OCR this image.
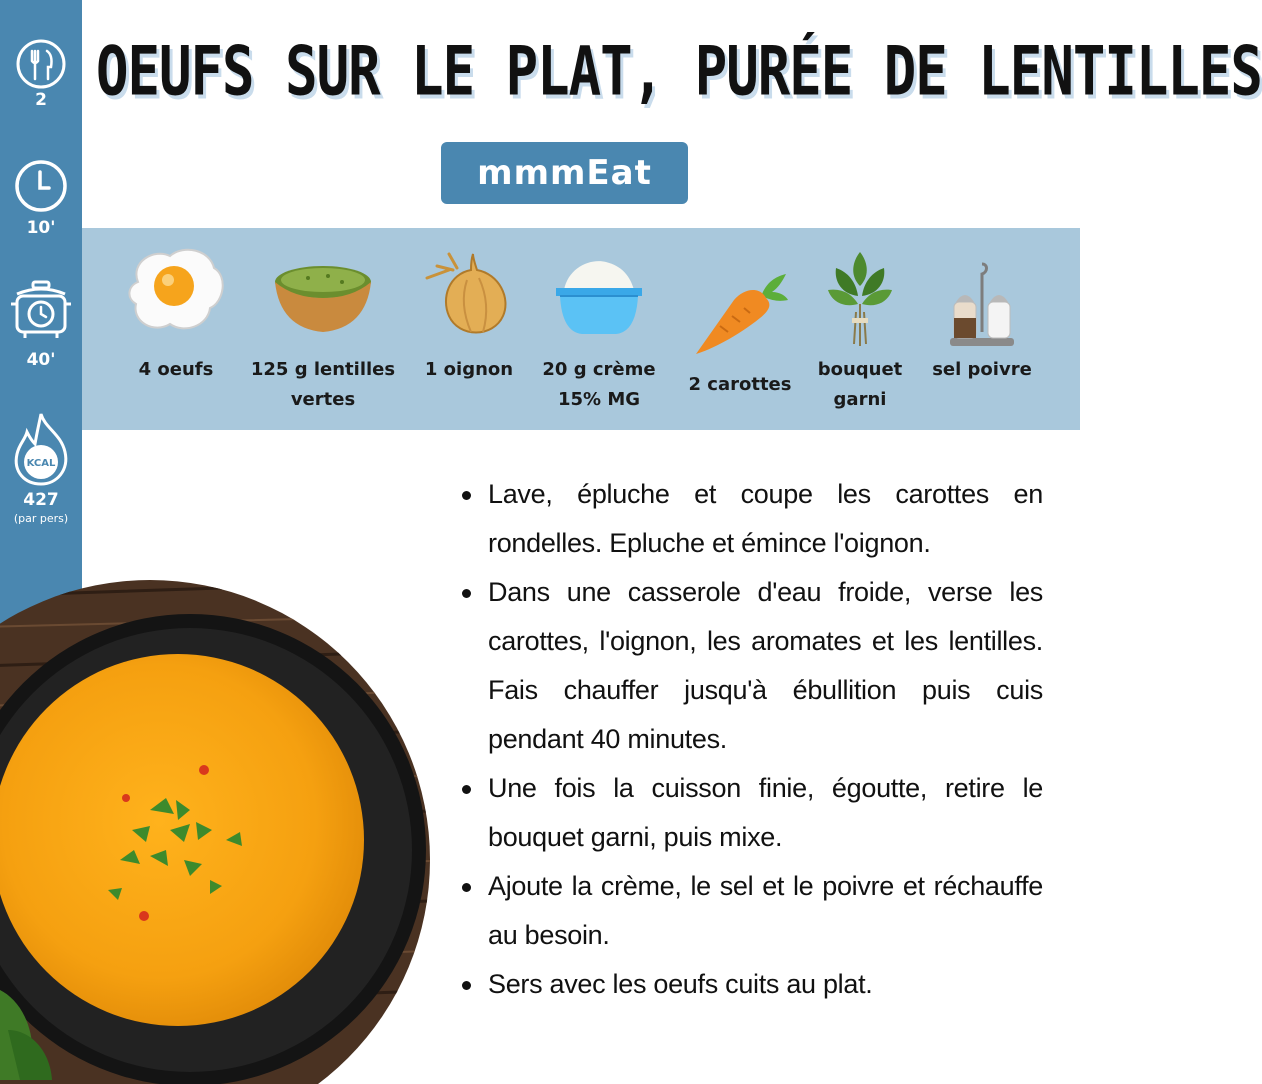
2
10'
40'
KCAL
427
(par pers)
OEUFS SUR LE PLAT, PURÉE DE LENTILLES
mmmEat
4 oeufs	125 g lentilles vertes
1 oignon	20 g crème 15% MG
2 carottes
bouquet garni
sel poivre
Lave, épluche et coupe les carottes en rondelles. Epluche et émince l'oignon.
Dans une casserole d'eau froide, verse les carottes, l'oignon, les aromates et les lentilles. Fais chauffer jusqu'à ébullition puis cuis pendant 40 minutes.
Une fois la cuisson finie, égoutte, retire le bouquet garni, puis mixe.
Ajoute la crème, le sel et le poivre et réchauffe au besoin.
Sers avec les oeufs cuits au plat.
